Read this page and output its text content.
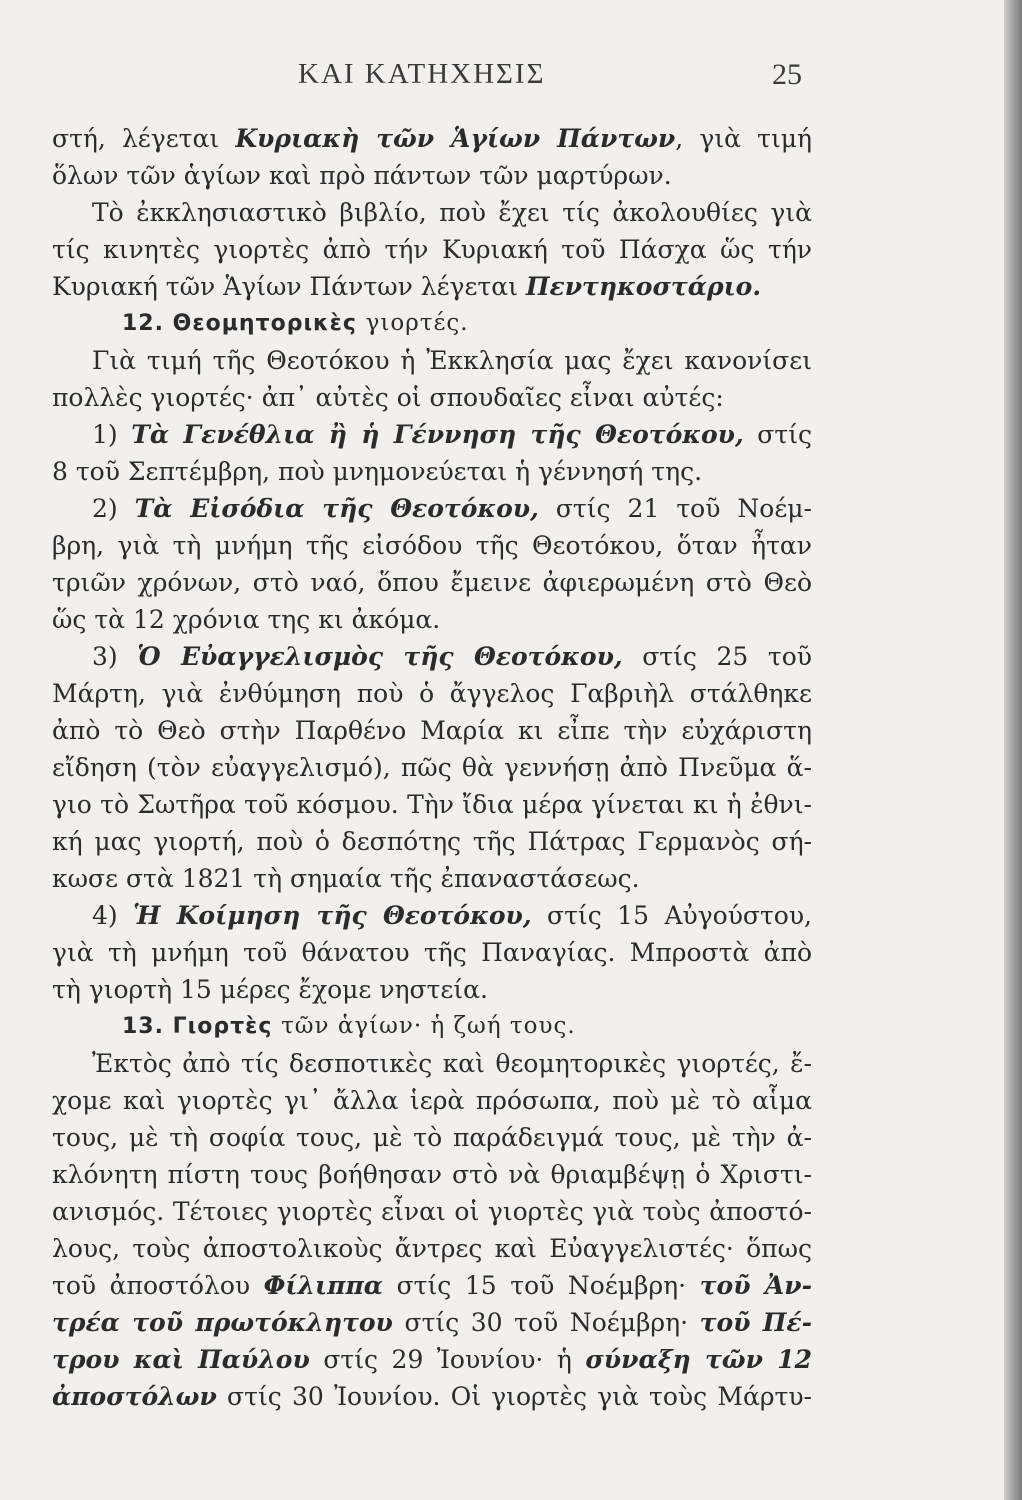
ΚΑΙ ΚΑΤΗΧΗΣΙΣ	25
στή, λέγεται Κυριακὴ τῶν Ἁγίων Πάντων, γιὰ τιμή
ὅλων τῶν ἁγίων καὶ πρὸ πάντων τῶν μαρτύρων.
Τὸ ἐκκλησιαστικὸ βιβλίο, ποὺ ἔχει τίς ἀκολουθίες γιὰ
τίς κινητὲς γιορτὲς ἀπὸ τήν Κυριακή τοῦ Πάσχα ὥς τήν
Κυριακή τῶν Ἁγίων Πάντων λέγεται Πεντηκοστάριο.
12. Θεομητορικὲς γιορτές.
Γιὰ τιμή τῆς Θεοτόκου ἡ Ἐκκλησία μας ἔχει κανονίσει
πολλὲς γιορτές· ἀπ᾽ αὐτὲς οἱ σπουδαῖες εἶναι αὐτές:
1) Τὰ Γενέθλια ἢ ἡ Γέννηση τῆς Θεοτόκου, στίς
8 τοῦ Σεπτέμβρη, ποὺ μνημονεύεται ἡ γέννησή της.
2) Τὰ Εἰσόδια τῆς Θεοτόκου, στίς 21 τοῦ Νοέμ-
βρη, γιὰ τὴ μνήμη τῆς εἰσόδου τῆς Θεοτόκου, ὅταν ἦταν
τριῶν χρόνων, στὸ ναό, ὅπου ἔμεινε ἀφιερωμένη στὸ Θεὸ
ὥς τὰ 12 χρόνια της κι ἀκόμα.
3) Ὁ Εὐαγγελισμὸς τῆς Θεοτόκου, στίς 25 τοῦ
Μάρτη, γιὰ ἐνθύμηση ποὺ ὁ ἄγγελος Γαβριὴλ στάλθηκε
ἀπὸ τὸ Θεὸ στὴν Παρθένο Μαρία κι εἶπε τὴν εὐχάριστη
εἴδηση (τὸν εὐαγγελισμό), πῶς θὰ γεννήσῃ ἀπὸ Πνεῦμα ἅ-
γιο τὸ Σωτῆρα τοῦ κόσμου. Τὴν ἴδια μέρα γίνεται κι ἡ ἐθνι-
κή μας γιορτή, ποὺ ὁ δεσπότης τῆς Πάτρας Γερμανὸς σή-
κωσε στὰ 1821 τὴ σημαία τῆς ἐπαναστάσεως.
4) Ἡ Κοίμηση τῆς Θεοτόκου, στίς 15 Αὐγούστου,
γιὰ τὴ μνήμη τοῦ θάνατου τῆς Παναγίας. Μπροστὰ ἀπὸ
τὴ γιορτὴ 15 μέρες ἔχομε νηστεία.
13. Γιορτὲς τῶν ἁγίων· ἡ ζωή τους.
Ἐκτὸς ἀπὸ τίς δεσποτικὲς καὶ θεομητορικὲς γιορτές, ἔ-
χομε καὶ γιορτὲς γι᾽ ἄλλα ἱερὰ πρόσωπα, ποὺ μὲ τὸ αἷμα
τους, μὲ τὴ σοφία τους, μὲ τὸ παράδειγμά τους, μὲ τὴν ἀ-
κλόνητη πίστη τους βοήθησαν στὸ νὰ θριαμβέψῃ ὁ Χριστι-
ανισμός. Τέτοιες γιορτὲς εἶναι οἱ γιορτὲς γιὰ τοὺς ἀποστό-
λους, τοὺς ἀποστολικοὺς ἄντρες καὶ Εὐαγγελιστές· ὅπως
τοῦ ἀποστόλου Φίλιππα στίς 15 τοῦ Νοέμβρη· τοῦ Ἀν-
τρέα τοῦ πρωτόκλητου στίς 30 τοῦ Νοέμβρη· τοῦ Πέ-
τρου καὶ Παύλου στίς 29 Ἰουνίου· ἡ σύναξη τῶν 12
ἀποστόλων στίς 30 Ἰουνίου. Οἱ γιορτὲς γιὰ τοὺς Μάρτυ-
